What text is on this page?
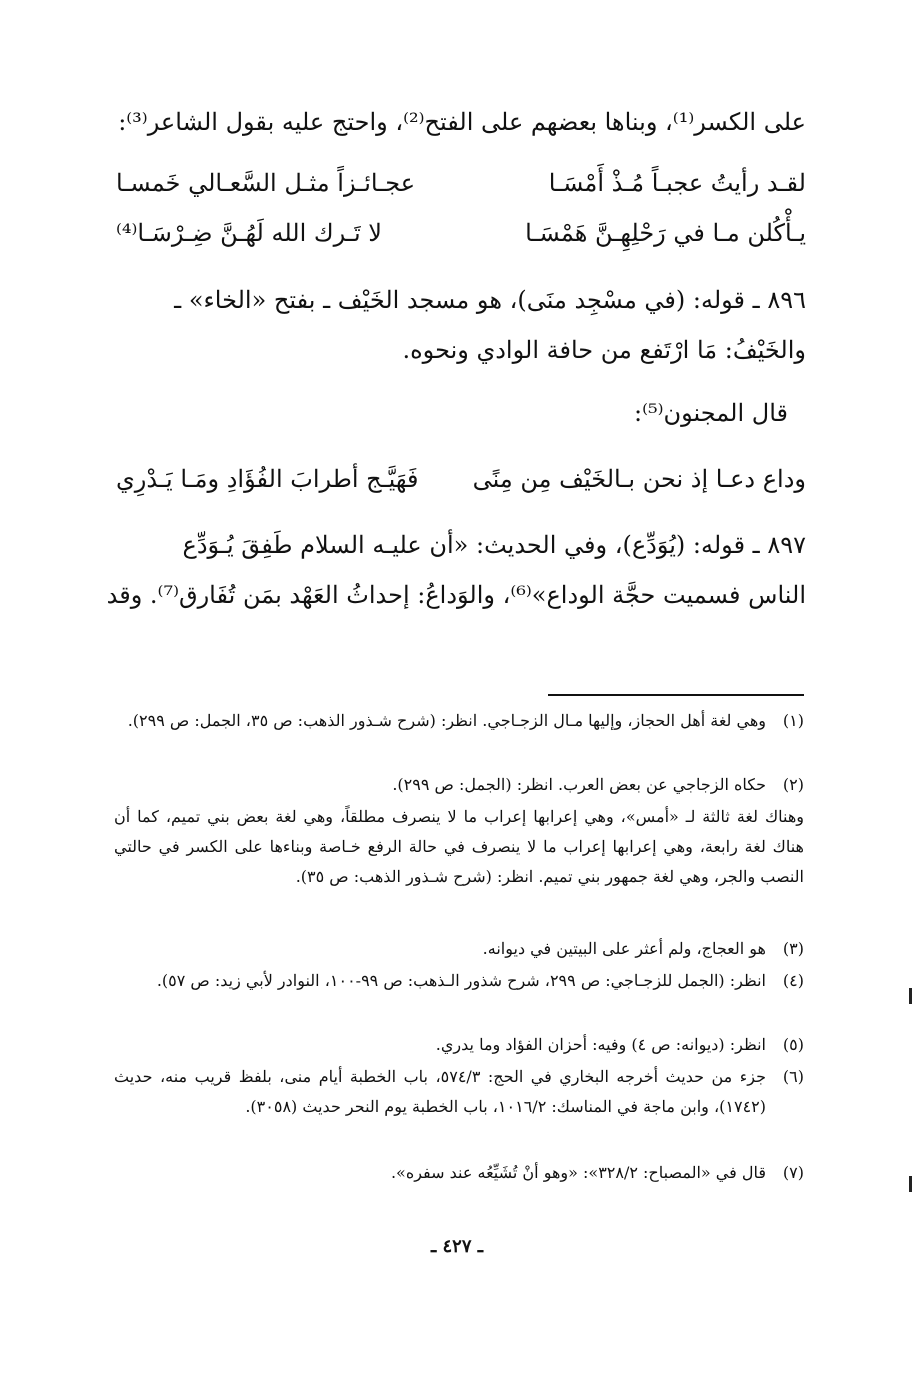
على الكسر⁽¹⁾، وبناها بعضهم على الفتح⁽²⁾، واحتج عليه بقول الشاعر⁽³⁾:
لقـد رأيتُ عجبـاً مُـذْ أَمْسَـا
عجـائـزاً مثـل السَّعـالي خَمسـا
يـأْكُلن مـا في رَحْلِهِـنَّ هَمْسَـا
لا تَـرك الله لَهُـنَّ ضِـرْسَـا⁽⁴⁾
٨٩٦ ـ قوله: (في مسْجِد منَى)، هو مسجد الخَيْف ـ بفتح «الخاء» ـ
والخَيْفُ: مَا ارْتَفع من حافة الوادي ونحوه.
قال المجنون⁽⁵⁾:
وداع دعـا إذ نحن بـالخَيْف مِن مِنًى
فَهَيَّـج أطرابَ الفُؤَادِ ومَـا يَـدْرِي
٨٩٧ ـ قوله: (يُوَدِّع)، وفي الحديث: «أن عليـه السلام طَفِقَ يُـوَدِّع
الناس فسميت حجَّة الوداع»⁽⁶⁾، والوَداعُ: إحداثُ العَهْد بمَن تُفَارق⁽⁷⁾. وقد
(١)
وهي لغة أهل الحجاز، وإليها مـال الزجـاجي. انظر: (شرح شـذور الذهب: ص ٣٥، الجمل: ص ٢٩٩).
(٢)
حكاه الزجاجي عن بعض العرب. انظر: (الجمل: ص ٢٩٩).
وهناك لغة ثالثة لـ «أمس»، وهي إعرابها إعراب ما لا ينصرف مطلقاً، وهي لغة بعض بني تميم، كما أن هناك لغة رابعة، وهي إعرابها إعراب ما لا ينصرف في حالة الرفع خـاصة وبناءها على الكسر في حالتي النصب والجر، وهي لغة جمهور بني تميم. انظر: (شرح شـذور الذهب: ص ٣٥).
(٣)
هو العجاج، ولم أعثر على البيتين في ديوانه.
(٤)
انظر: (الجمل للزجـاجي: ص ٢٩٩، شرح شذور الـذهب: ص ٩٩-١٠٠، النوادر لأبي زيد: ص ٥٧).
(٥)
انظر: (ديوانه: ص ٤) وفيه: أحزان الفؤاد وما يدري.
(٦)
جزء من حديث أخرجه البخاري في الحج: ٥٧٤/٣، باب الخطبة أيام منى، بلفظ قريب منه، حديث (١٧٤٢)، وابن ماجة في المناسك: ١٠١٦/٢، باب الخطبة يوم النحر حديث (٣٠٥٨).
(٧)
قال في «المصباح: ٣٢٨/٢»: «وهو أنْ تُشَيِّعُه عند سفره».
ـ ٤٢٧ ـ
